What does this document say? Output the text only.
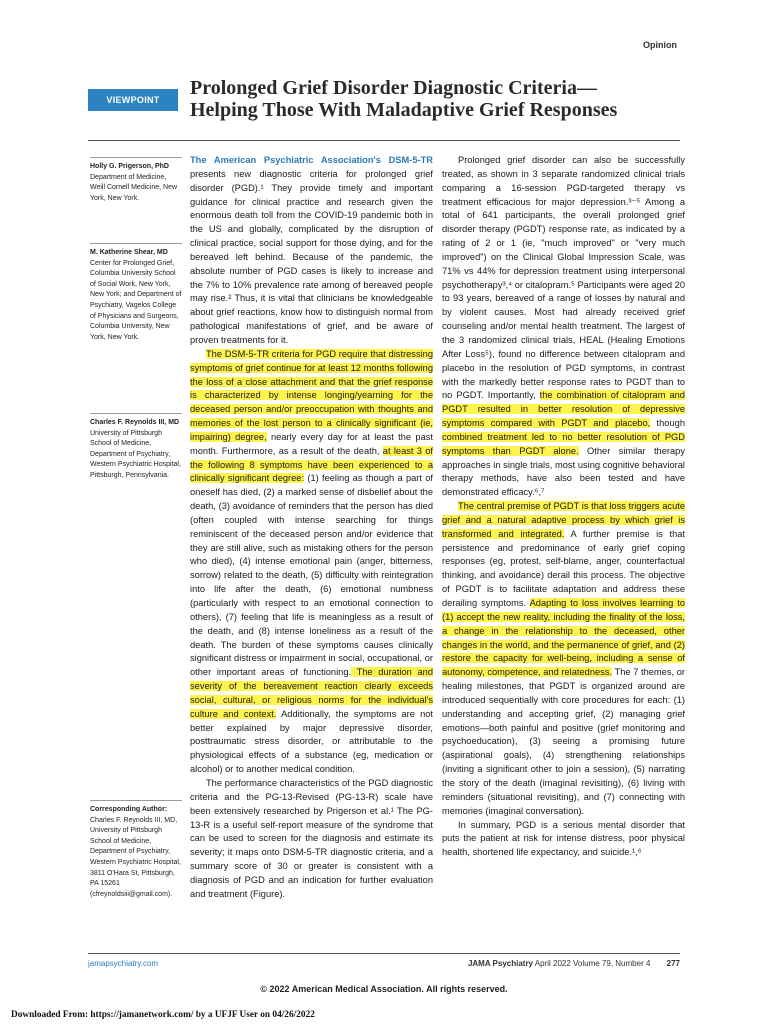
Opinion
VIEWPOINT
Prolonged Grief Disorder Diagnostic Criteria—
Helping Those With Maladaptive Grief Responses
Holly G. Prigerson, PhD
Department of Medicine, Weill Cornell Medicine, New York, New York.
M. Katherine Shear, MD
Center for Prolonged Grief, Columbia University School of Social Work, New York, New York; and Department of Psychiatry, Vagelos College of Physicians and Surgeons, Columbia University, New York, New York.
Charles F. Reynolds III, MD
University of Pittsburgh School of Medicine, Department of Psychiatry, Western Psychiatric Hospital, Pittsburgh, Pennsylvania.
Corresponding Author:
Charles F. Reynolds III, MD, University of Pittsburgh School of Medicine, Department of Psychiatry, Western Psychiatric Hospital, 3811 O'Hara St, Pittsburgh, PA 15261 (cfreynoldsiii@gmail.com).

The American Psychiatric Association's DSM-5-TR presents new diagnostic criteria for prolonged grief disorder (PGD).¹ They provide timely and important guidance for clinical practice and research given the enormous death toll from the COVID-19 pandemic both in the US and globally, complicated by the disruption of clinical practice, social support for those dying, and for the bereaved left behind. Because of the pandemic, the absolute number of PGD cases is likely to increase and the 7% to 10% prevalence rate among of bereaved people may rise.² Thus, it is vital that clinicians be knowledgeable about grief reactions, know how to distinguish normal from pathological manifestations of grief, and be aware of proven treatments for it.

The DSM-5-TR criteria for PGD require that distressing symptoms of grief continue for at least 12 months following the loss of a close attachment and that the grief response is characterized by intense longing/yearning for the deceased person and/or preoccupation with thoughts and memories of the lost person to a clinically significant (ie, impairing) degree, nearly every day for at least the past month. Furthermore, as a result of the death, at least 3 of the following 8 symptoms have been experienced to a clinically significant degree: (1) feeling as though a part of oneself has died, (2) a marked sense of disbelief about the death, (3) avoidance of reminders that the person has died (often coupled with intense searching for things reminiscent of the deceased person and/or evidence that they are still alive, such as mistaking others for the person who died), (4) intense emotional pain (anger, bitterness, sorrow) related to the death, (5) difficulty with reintegration into life after the death, (6) emotional numbness (particularly with respect to an emotional connection to others), (7) feeling that life is meaningless as a result of the death, and (8) intense loneliness as a result of the death. The burden of these symptoms causes clinically significant distress or impairment in social, occupational, or other important areas of functioning. The duration and severity of the bereavement reaction clearly exceeds social, cultural, or religious norms for the individual's culture and context. Additionally, the symptoms are not better explained by major depressive disorder, posttraumatic stress disorder, or attributable to the physiological effects of a substance (eg, medication or alcohol) or to another medical condition.

The performance characteristics of the PGD diagnostic criteria and the PG-13-Revised (PG-13-R) scale have been extensively researched by Prigerson et al.¹ The PG-13-R is a useful self-report measure of the syndrome that can be used to screen for the diagnosis and estimate its severity; it maps onto DSM-5-TR diagnostic criteria, and a summary score of 30 or greater is consistent with a diagnosis of PGD and an indication for further evaluation and treatment (Figure).

Prolonged grief disorder can also be successfully treated, as shown in 3 separate randomized clinical trials comparing a 16-session PGD-targeted therapy vs treatment efficacious for major depression.³⁻⁵ Among a total of 641 participants, the overall prolonged grief disorder therapy (PGDT) response rate, as indicated by a rating of 2 or 1 (ie, "much improved" or "very much improved") on the Clinical Global Impression Scale, was 71% vs 44% for depression treatment using interpersonal psychotherapy³,⁴ or citalopram.⁵ Participants were aged 20 to 93 years, bereaved of a range of losses by natural and by violent causes. Most had already received grief counseling and/or mental health treatment. The largest of the 3 randomized clinical trials, HEAL (Healing Emotions After Loss⁵), found no difference between citalopram and placebo in the resolution of PGD symptoms, in contrast with the markedly better response rates to PGDT than to no PGDT. Importantly, the combination of citalopram and PGDT resulted in better resolution of depressive symptoms compared with PGDT and placebo, though combined treatment led to no better resolution of PGD symptoms than PGDT alone. Other similar therapy approaches in single trials, most using cognitive behavioral therapy methods, have also been tested and have demonstrated efficacy.⁶,⁷

The central premise of PGDT is that loss triggers acute grief and a natural adaptive process by which grief is transformed and integrated. A further premise is that persistence and predominance of early grief coping responses (eg, protest, self-blame, anger, counterfactual thinking, and avoidance) derail this process. The objective of PGDT is to facilitate adaptation and address these derailing symptoms. Adapting to loss involves learning to (1) accept the new reality, including the finality of the loss, a change in the relationship to the deceased, other changes in the world, and the permanence of grief, and (2) restore the capacity for well-being, including a sense of autonomy, competence, and relatedness. The 7 themes, or healing milestones, that PGDT is organized around are introduced sequentially with core procedures for each: (1) understanding and accepting grief, (2) managing grief emotions—both painful and positive (grief monitoring and psychoeducation), (3) seeing a promising future (aspirational goals), (4) strengthening relationships (inviting a significant other to join a session), (5) narrating the story of the death (imaginal revisiting), (6) living with reminders (situational revisiting), and (7) connecting with memories (imaginal conversation).

In summary, PGD is a serious mental disorder that puts the patient at risk for intense distress, poor physical health, shortened life expectancy, and suicide.¹,⁶

jamapsychiatry.com	JAMA Psychiatry April 2022 Volume 79, Number 4 277
© 2022 American Medical Association. All rights reserved.
Downloaded From: https://jamanetwork.com/ by a UFJF User on 04/26/2022
